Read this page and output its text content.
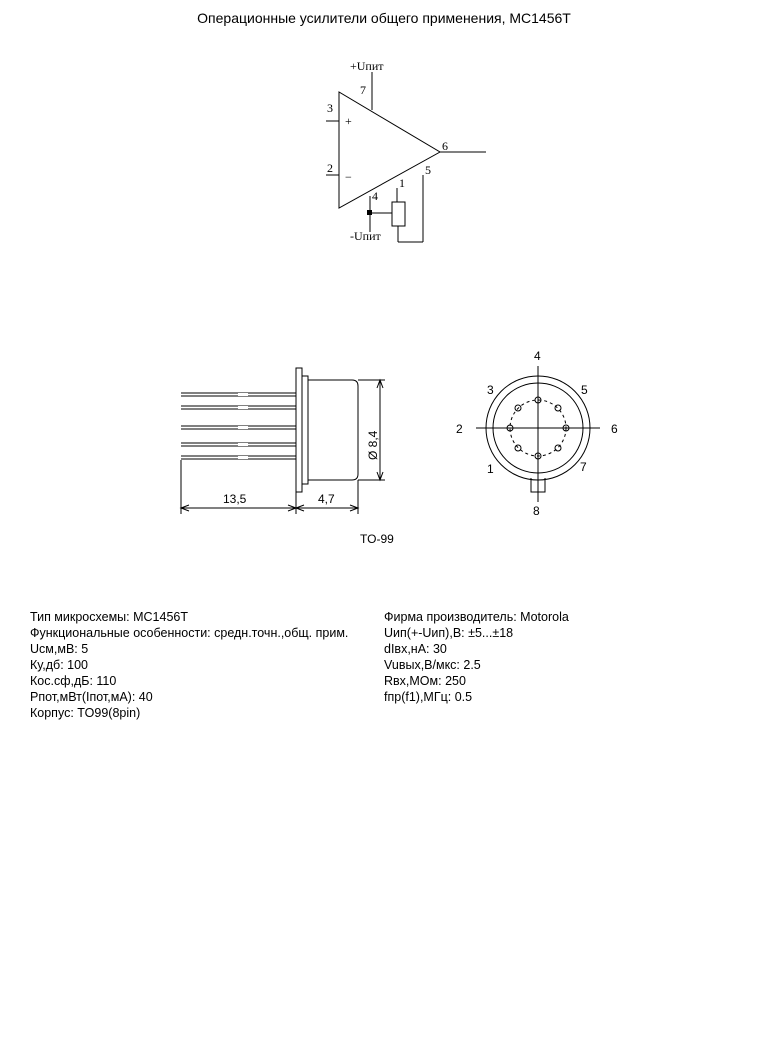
Операционные усилители общего применения, MC1456T
+Uпит
-Uпит
3
2
7
6
4
1
5
+
−
13,5	4,7
Ø 8,4
TO-99
4
3	5
2	6
1	7
8
Тип микросхемы: MC1456T
Функциональные особенности: средн.точн.,общ. прим.
Uсм,мВ: 5
Ку,дб: 100
Кос.сф,дБ: 110
Рпот,мВт(Iпот,мА): 40
Корпус: TO99(8pin)
Фирма производитель: Motorola
Uип(+-Uип),В: ±5...±18
dIвх,нА: 30
Vuвых,В/мкс: 2.5
Rвх,МОм: 250
fпр(f1),МГц: 0.5
